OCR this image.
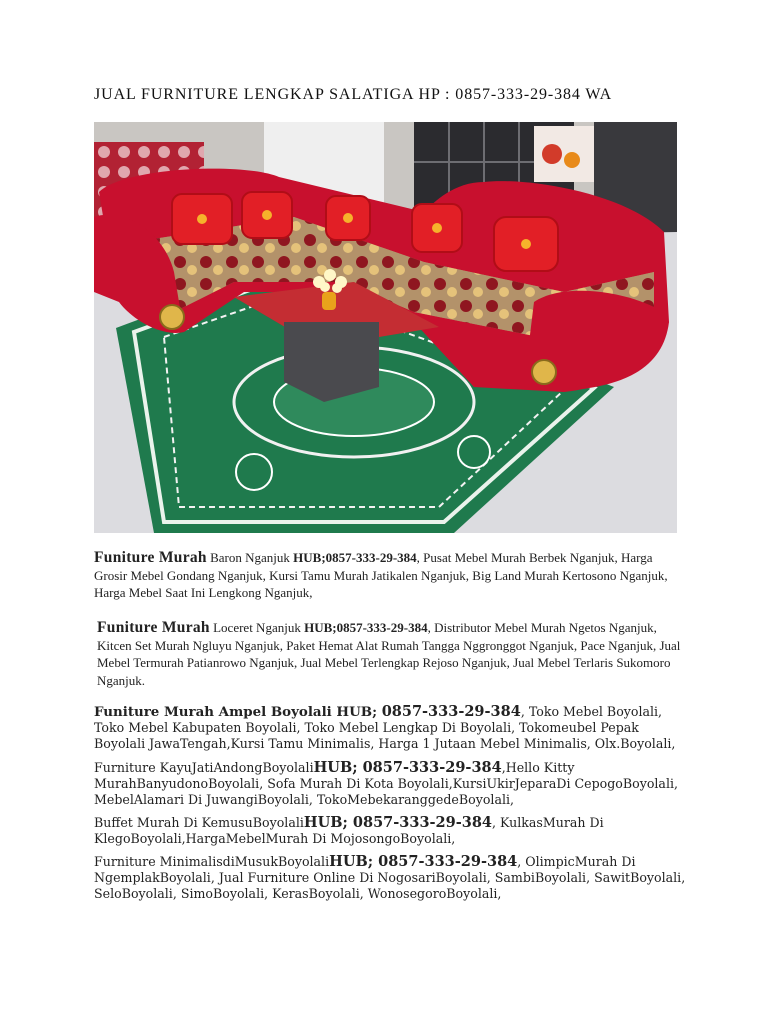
JUAL FURNITURE LENGKAP SALATIGA HP : 0857-333-29-384 WA
Funiture Murah Baron Nganjuk HUB;0857-333-29-384, Pusat Mebel Murah Berbek Nganjuk, Harga Grosir Mebel Gondang Nganjuk, Kursi Tamu Murah Jatikalen Nganjuk, Big Land Murah Kertosono Nganjuk, Harga Mebel Saat Ini Lengkong Nganjuk,
Funiture Murah Loceret Nganjuk HUB;0857-333-29-384, Distributor Mebel Murah Ngetos Nganjuk, Kitcen Set Murah Ngluyu Nganjuk, Paket Hemat Alat Rumah Tangga Nggronggot Nganjuk, Pace Nganjuk, Jual Mebel Termurah Patianrowo Nganjuk, Jual Mebel Terlengkap Rejoso Nganjuk, Jual Mebel Terlaris Sukomoro Nganjuk.
Funiture Murah Ampel Boyolali HUB; 0857-333-29-384, Toko Mebel Boyolali, Toko Mebel Kabupaten Boyolali, Toko Mebel Lengkap Di Boyolali, Tokomeubel Pepak Boyolali JawaTengah,Kursi Tamu Minimalis, Harga 1 Jutaan Mebel Minimalis, Olx.Boyolali,
Furniture KayuJatiAndongBoyolaliHUB; 0857-333-29-384,Hello Kitty MurahBanyudonoBoyolali, Sofa Murah Di Kota Boyolali,KursiUkirJeparaDi CepogoBoyolali, MebelAlamari Di JuwangiBoyolali, TokoMebekaranggedeBoyolali,
Buffet Murah Di KemusuBoyolaliHUB; 0857-333-29-384, KulkasMurah Di KlegoBoyolali,HargaMebelMurah Di MojosongoBoyolali,
Furniture MinimalisdiMusukBoyolaliHUB; 0857-333-29-384, OlimpicMurah Di NgemplakBoyolali, Jual Furniture Online Di NogosariBoyolali, SambiBoyolali, SawitBoyolali, SeloBoyolali, SimoBoyolali, KerasBoyolali, WonosegoroBoyolali,
